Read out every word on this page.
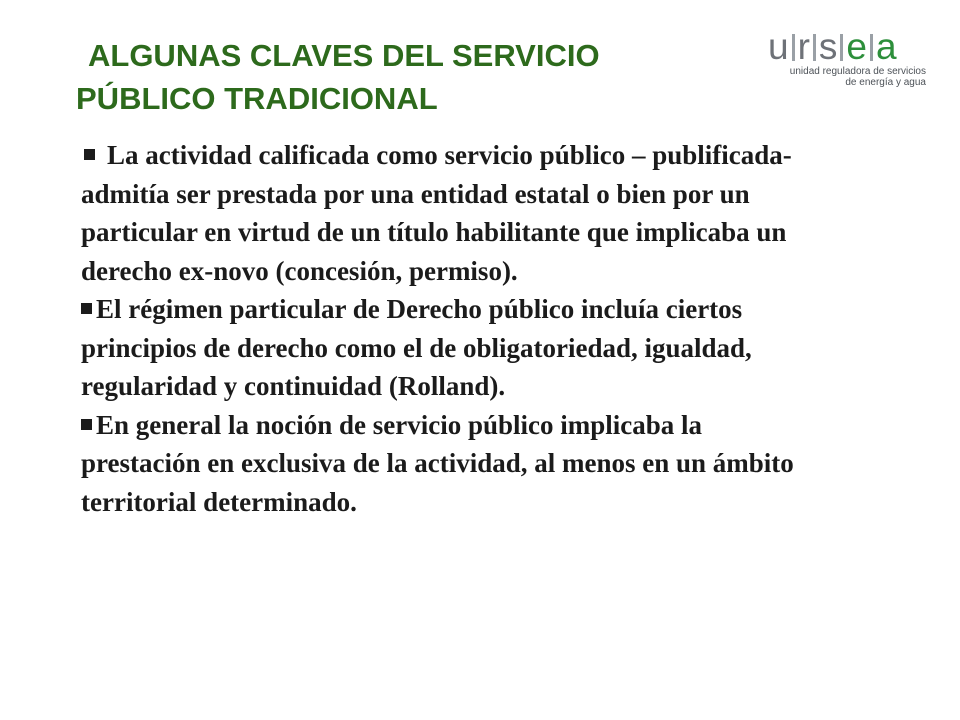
ALGUNAS CLAVES DEL SERVICIO
PÚBLICO TRADICIONAL
u r s e a
unidad reguladora de servicios
de energía y agua

La actividad calificada como servicio público – publificada- admitía ser prestada por una entidad estatal o bien por un particular en virtud de un título habilitante que implicaba un derecho ex-novo (concesión, permiso).

El régimen particular de Derecho público incluía ciertos principios de derecho como el de obligatoriedad, igualdad, regularidad y continuidad (Rolland).

En general la noción de servicio público implicaba la prestación en exclusiva de la actividad, al menos en un ámbito territorial determinado.
